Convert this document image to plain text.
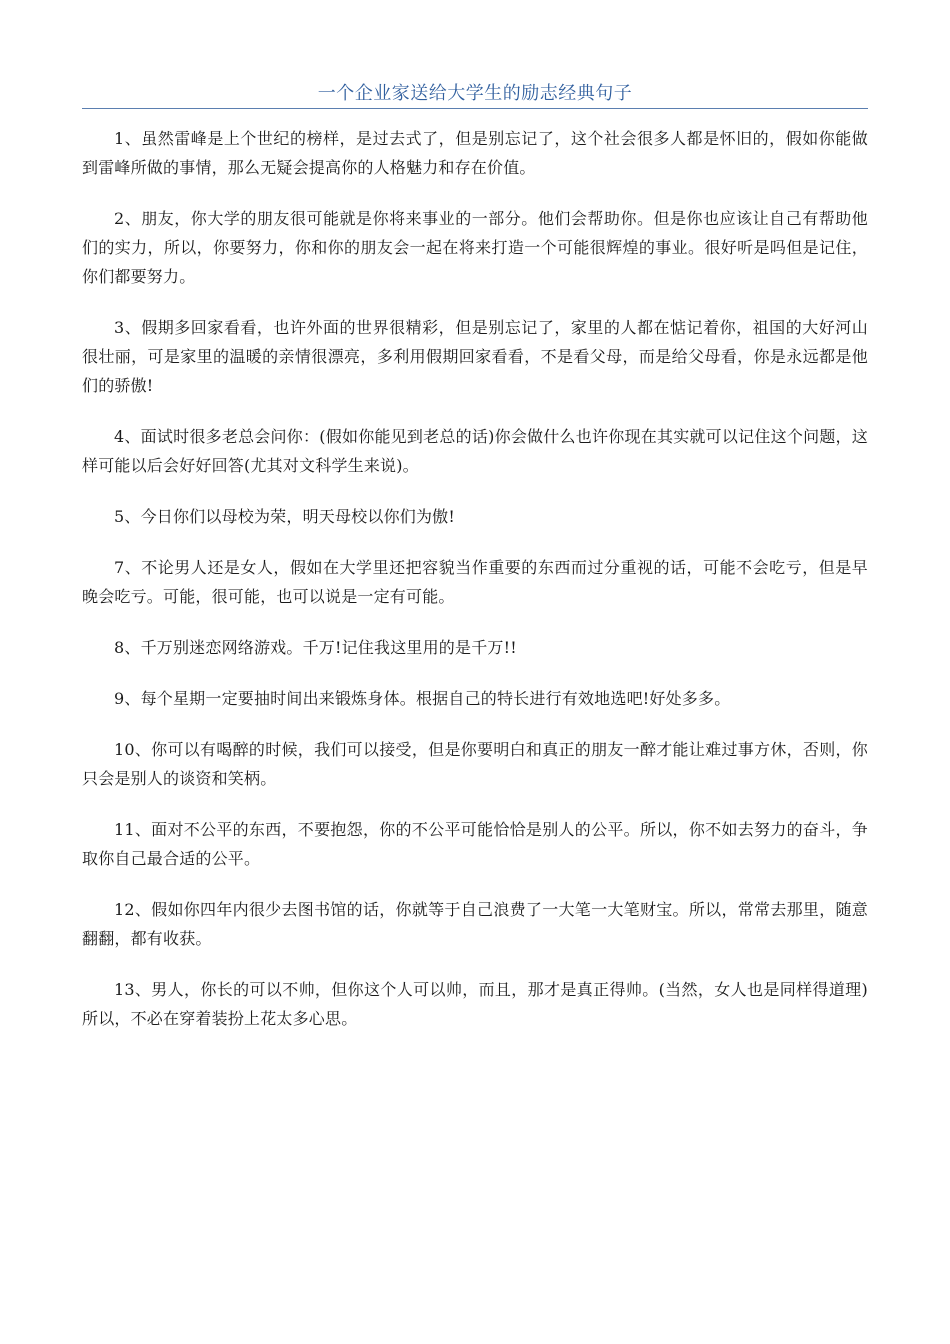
一个企业家送给大学生的励志经典句子

1、虽然雷峰是上个世纪的榜样，是过去式了，但是别忘记了，这个社会很多人都是怀旧的，假如你能做到雷峰所做的事情，那么无疑会提高你的人格魅力和存在价值。

2、朋友，你大学的朋友很可能就是你将来事业的一部分。他们会帮助你。但是你也应该让自己有帮助他们的实力，所以，你要努力，你和你的朋友会一起在将来打造一个可能很辉煌的事业。很好听是吗但是记住，你们都要努力。

3、假期多回家看看，也许外面的世界很精彩，但是别忘记了，家里的人都在惦记着你，祖国的大好河山很壮丽，可是家里的温暖的亲情很漂亮，多利用假期回家看看，不是看父母，而是给父母看，你是永远都是他们的骄傲!

4、面试时很多老总会问你：(假如你能见到老总的话)你会做什么也许你现在其实就可以记住这个问题，这样可能以后会好好回答(尤其对文科学生来说)。

5、今日你们以母校为荣，明天母校以你们为傲!

7、不论男人还是女人，假如在大学里还把容貌当作重要的东西而过分重视的话，可能不会吃亏，但是早晚会吃亏。可能，很可能，也可以说是一定有可能。

8、千万别迷恋网络游戏。千万!记住我这里用的是千万!!

9、每个星期一定要抽时间出来锻炼身体。根据自己的特长进行有效地选吧!好处多多。

10、你可以有喝醉的时候，我们可以接受，但是你要明白和真正的朋友一醉才能让难过事方休，否则，你只会是别人的谈资和笑柄。

11、面对不公平的东西，不要抱怨，你的不公平可能恰恰是别人的公平。所以，你不如去努力的奋斗，争取你自己最合适的公平。

12、假如你四年内很少去图书馆的话，你就等于自己浪费了一大笔一大笔财宝。所以，常常去那里，随意翻翻，都有收获。

13、男人，你长的可以不帅，但你这个人可以帅，而且，那才是真正得帅。(当然，女人也是同样得道理)所以，不必在穿着装扮上花太多心思。
